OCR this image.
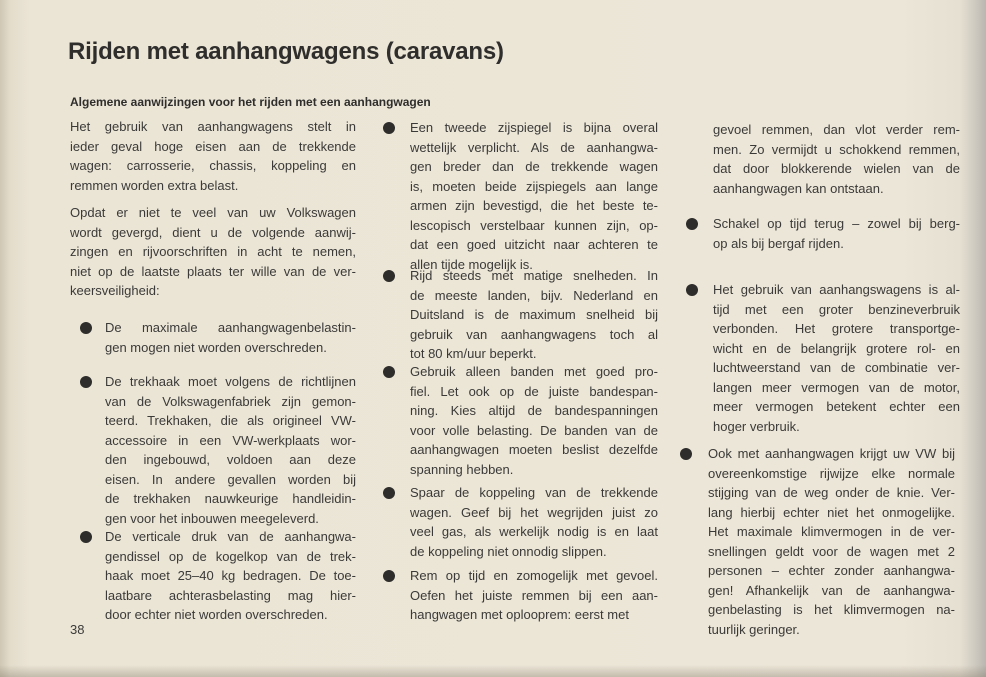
Rijden met aanhangwagens (caravans)
Algemene aanwijzingen voor het rijden met een aanhangwagen
Het gebruik van aanhangwagens stelt in
ieder geval hoge eisen aan de trekkende
wagen: carrosserie, chassis, koppeling en
remmen worden extra belast.
Opdat er niet te veel van uw Volkswagen
wordt gevergd, dient u de volgende aanwij-
zingen en rijvoorschriften in acht te nemen,
niet op de laatste plaats ter wille van de ver-
keersveiligheid:
De maximale aanhangwagenbelastin-
gen mogen niet worden overschreden.
De trekhaak moet volgens de richtlijnen
van de Volkswagenfabriek zijn gemon-
teerd. Trekhaken, die als origineel VW-
accessoire in een VW-werkplaats wor-
den ingebouwd, voldoen aan deze
eisen. In andere gevallen worden bij
de trekhaken nauwkeurige handleidin-
gen voor het inbouwen meegeleverd.
De verticale druk van de aanhangwa-
gendissel op de kogelkop van de trek-
haak moet 25–40 kg bedragen. De toe-
laatbare achterasbelasting mag hier-
door echter niet worden overschreden.
Een tweede zijspiegel is bijna overal
wettelijk verplicht. Als de aanhangwa-
gen breder dan de trekkende wagen
is, moeten beide zijspiegels aan lange
armen zijn bevestigd, die het beste te-
lescopisch verstelbaar kunnen zijn, op-
dat een goed uitzicht naar achteren te
allen tijde mogelijk is.
Rijd steeds met matige snelheden. In
de meeste landen, bijv. Nederland en
Duitsland is de maximum snelheid bij
gebruik van aanhangwagens toch al
tot 80 km/uur beperkt.
Gebruik alleen banden met goed pro-
fiel. Let ook op de juiste bandespan-
ning. Kies altijd de bandespanningen
voor volle belasting. De banden van de
aanhangwagen moeten beslist dezelfde
spanning hebben.
Spaar de koppeling van de trekkende
wagen. Geef bij het wegrijden juist zo
veel gas, als werkelijk nodig is en laat
de koppeling niet onnodig slippen.
Rem op tijd en zomogelijk met gevoel.
Oefen het juiste remmen bij een aan-
hangwagen met oplooprem: eerst met
gevoel remmen, dan vlot verder rem-
men. Zo vermijdt u schokkend remmen,
dat door blokkerende wielen van de
aanhangwagen kan ontstaan.
Schakel op tijd terug – zowel bij berg-
op als bij bergaf rijden.
Het gebruik van aanhangswagens is al-
tijd met een groter benzineverbruik
verbonden. Het grotere transportge-
wicht en de belangrijk grotere rol- en
luchtweerstand van de combinatie ver-
langen meer vermogen van de motor,
meer vermogen betekent echter een
hoger verbruik.
Ook met aanhangwagen krijgt uw VW bij
overeenkomstige rijwijze elke normale
stijging van de weg onder de knie. Ver-
lang hierbij echter niet het onmogelijke.
Het maximale klimvermogen in de ver-
snellingen geldt voor de wagen met 2
personen – echter zonder aanhangwa-
gen! Afhankelijk van de aanhangwa-
genbelasting is het klimvermogen na-
tuurlijk geringer.
38
